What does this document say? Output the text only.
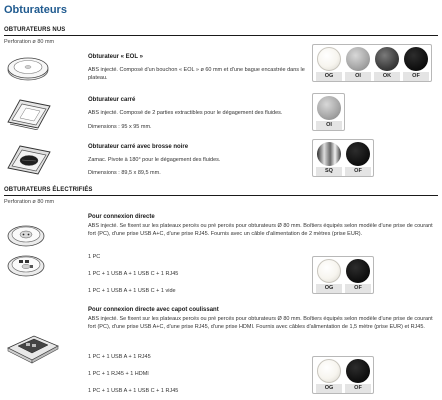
Obturateurs
OBTURATEURS NUS
Perforation ø 80 mm
Obturateur « EOL »
ABS injecté. Composé d'un bouchon « EOL » ø 60 mm et d'une bague encastrée dans le plateau.	OG	OI	OK	OF
Obturateur carré
ABS injecté. Composé de 2 parties extractibles pour le dégagement des fluides.
Dimensions : 95 x 95 mm.	OI
Obturateur carré avec brosse noire
Zamac. Pivote à 180° pour le dégagement des fluides.
Dimensions : 89,5 x 89,5 mm.	SQ	OF
OBTURATEURS ÉLECTRIFIÉS
Perforation ø 80 mm
Pour connexion directe
ABS injecté. Se fixent sur les plateaux percés ou pré percés pour obturateurs Ø 80 mm. Boîtiers équipés selon modèle d'une prise de courant fort (PC), d'une prise USB A+C, d'une prise RJ45. Fournis avec un câble d'alimentation de 2 mètres (prise EUR).
1 PC
1 PC + 1 USB A + 1 USB C + 1 RJ45
1 PC + 1 USB A + 1 USB C + 1 vide	OG	OF
Pour connexion directe avec capot coulissant
ABS injecté. Se fixent sur les plateaux percés ou pré percés pour obturateurs Ø 80 mm. Boîtiers équipés selon modèle d'une prise de courant fort (PC), d'une prise USB A+C, d'une prise RJ45, d'une prise HDMI. Fournis avec câbles d'alimentation de 1,5 mètre (prise EUR) et RJ45.
1 PC + 1 USB A + 1 RJ45
1 PC + 1 RJ45 + 1 HDMI
1 PC + 1 USB A + 1 USB C + 1 RJ45	OG	OF
